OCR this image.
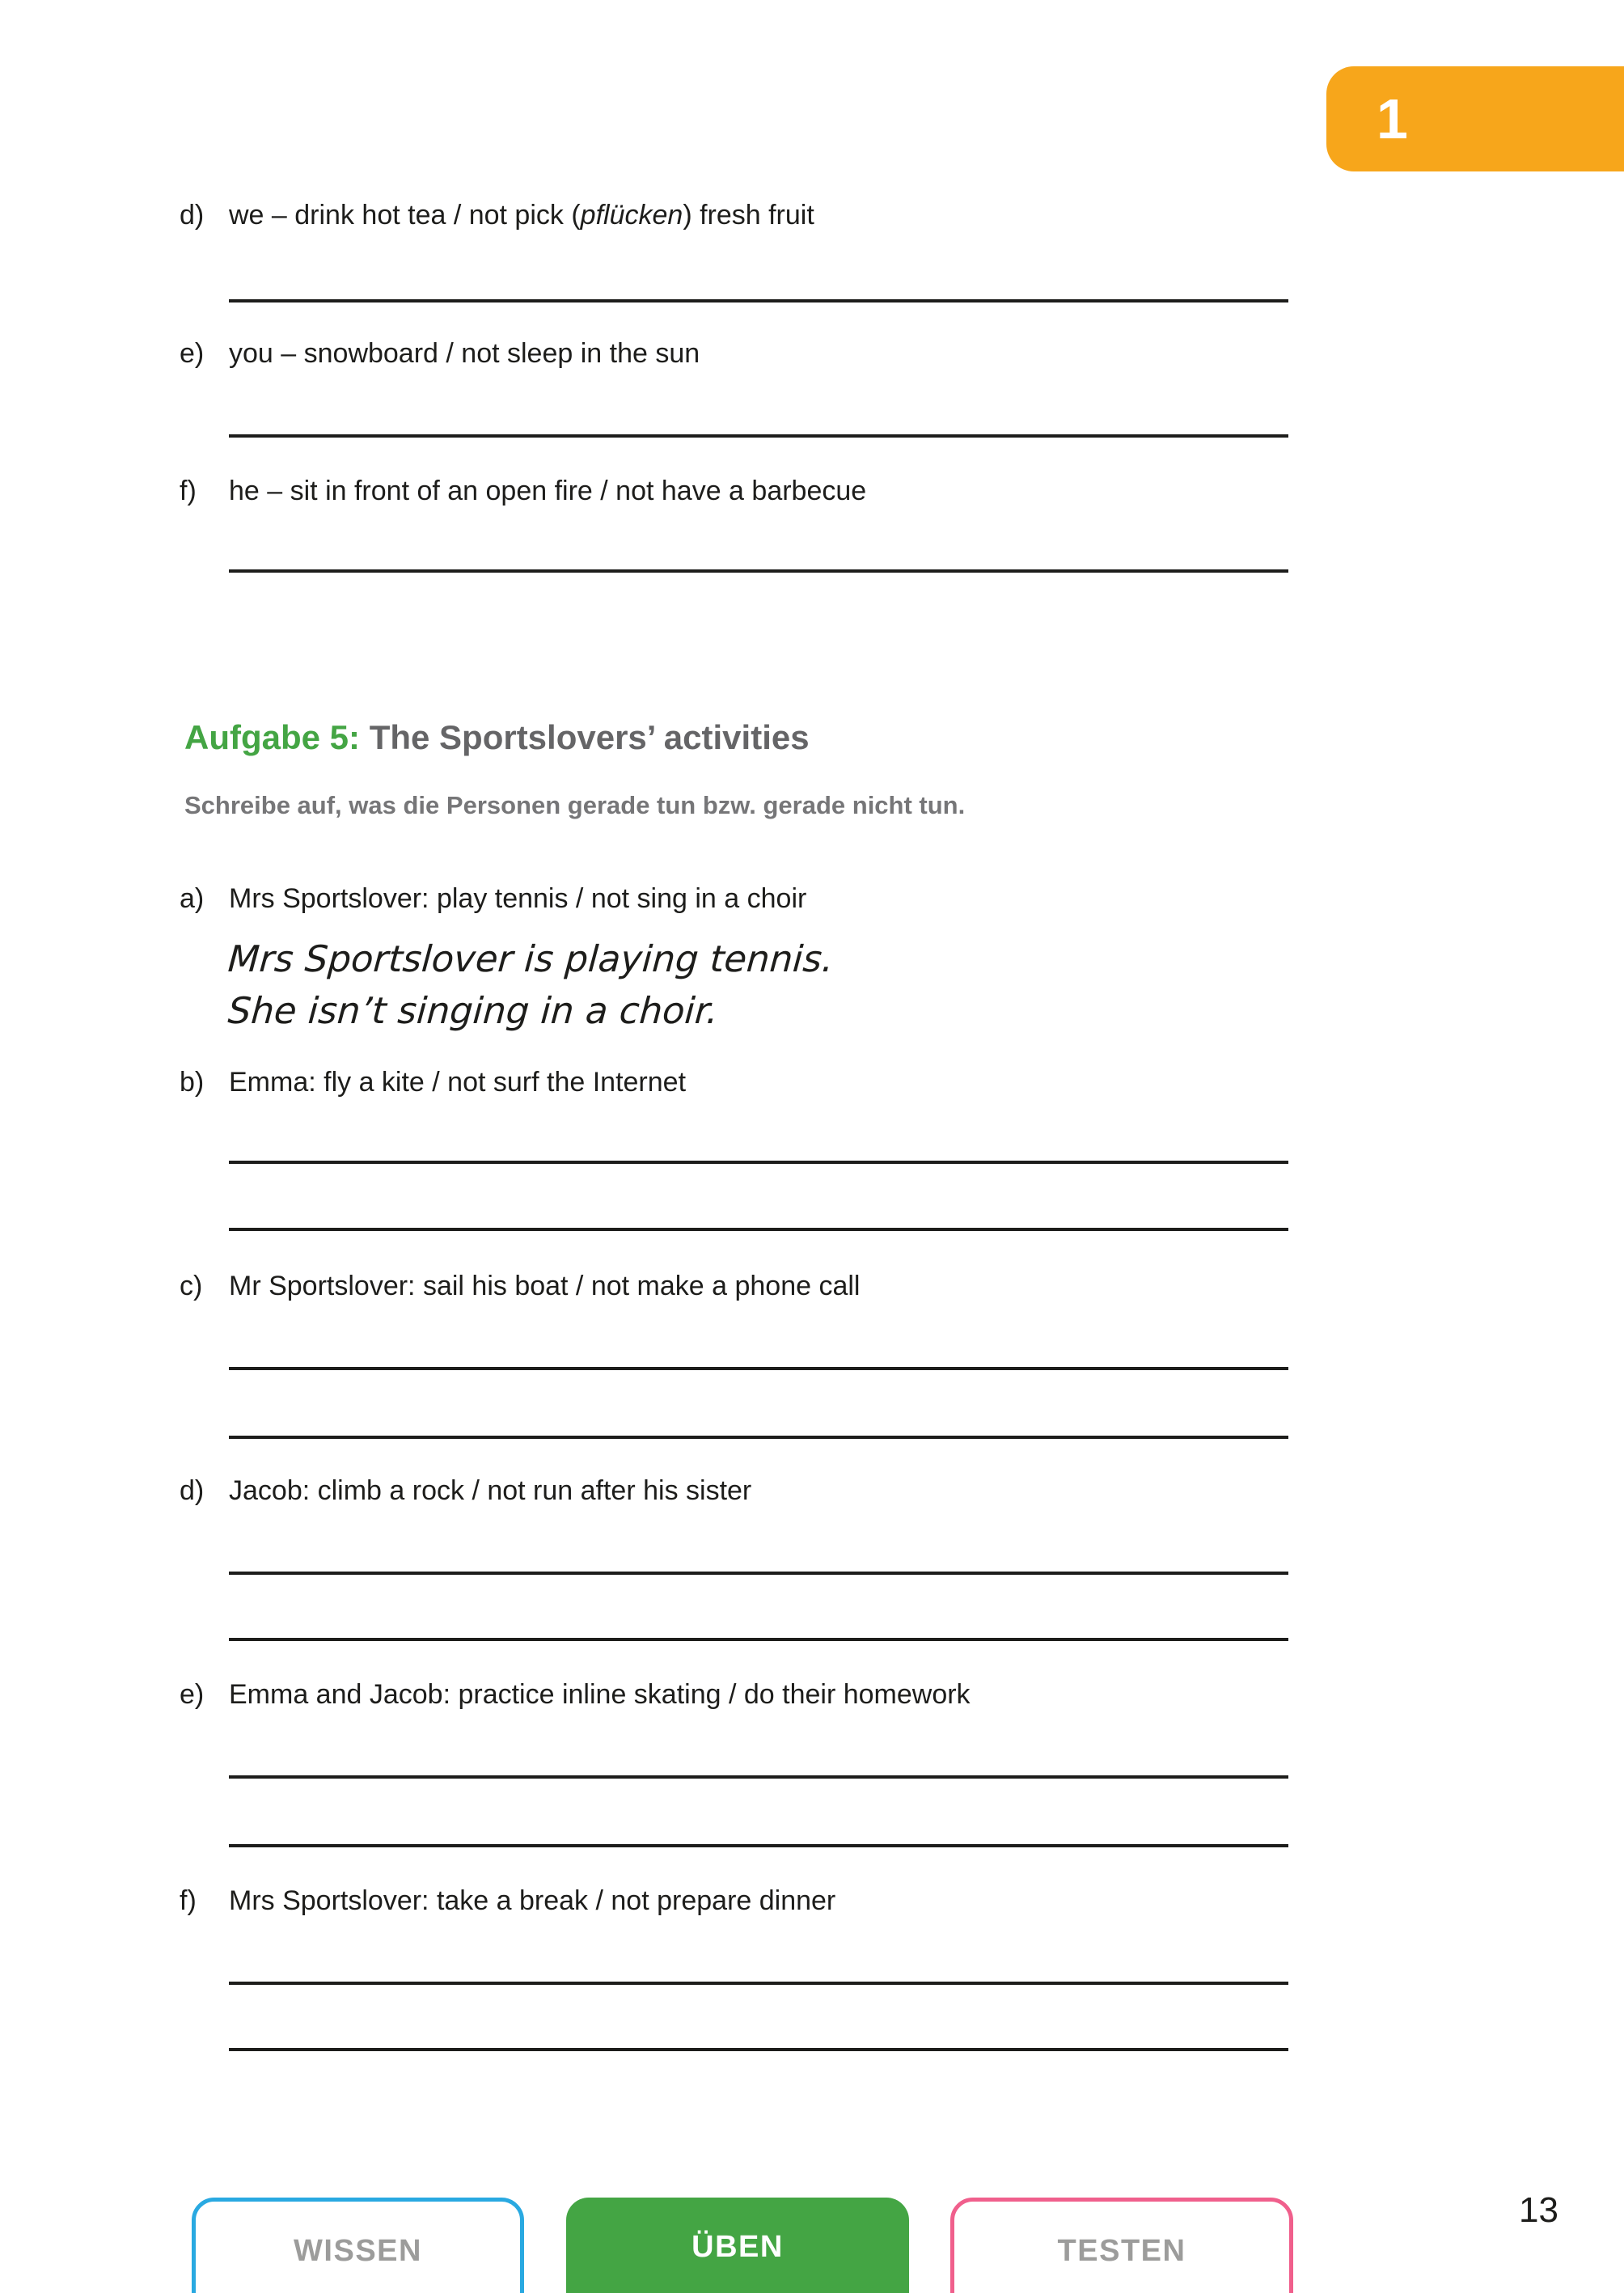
1
d) we – drink hot tea / not pick (pflücken) fresh fruit
e) you – snowboard / not sleep in the sun
f) he – sit in front of an open fire / not have a barbecue
Aufgabe 5: The Sportslovers’ activities
Schreibe auf, was die Personen gerade tun bzw. gerade nicht tun.
a) Mrs Sportslover: play tennis / not sing in a choir
Mrs Sportslover is playing tennis.
She isn’t singing in a choir.
b) Emma: fly a kite / not surf the Internet
c) Mr Sportslover: sail his boat / not make a phone call
d) Jacob: climb a rock / not run after his sister
e) Emma and Jacob: practice inline skating / do their homework
f) Mrs Sportslover: take a break / not prepare dinner
WISSEN	ÜBEN	TESTEN
13
